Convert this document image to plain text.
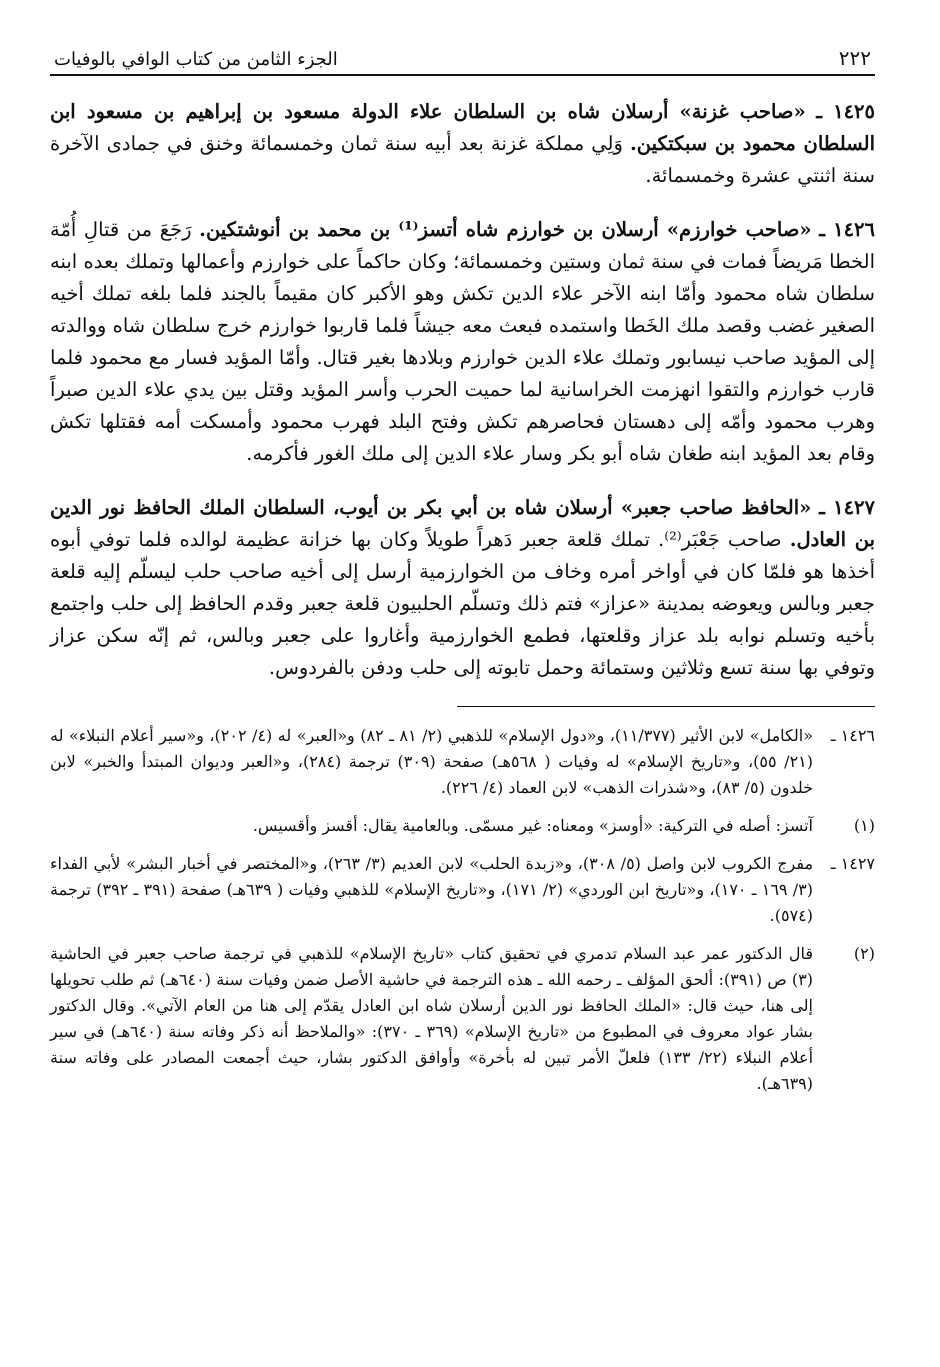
٢٢٢
الجزء الثامن من كتاب الوافي بالوفيات

١٤٢٥ ـ «صاحب غزنة» أرسلان شاه بن السلطان علاء الدولة مسعود بن إبراهيم بن مسعود ابن السلطان محمود بن سبكتكين. وَلِي مملكة غزنة بعد أبيه سنة ثمان وخمسمائة وخنق في جمادى الآخرة سنة اثنتي عشرة وخمسمائة.

١٤٢٦ ـ «صاحب خوارزم» أرسلان بن خوارزم شاه أتسز⁽¹⁾ بن محمد بن أنوشتكين. رَجَعَ من قتالِ أُمّة الخطا مَريضاً فمات في سنة ثمان وستين وخمسمائة؛ وكان حاكماً على خوارزم وأعمالها وتملك بعده ابنه سلطان شاه محمود وأمّا ابنه الآخر علاء الدين تكش وهو الأكبر كان مقيماً بالجند فلما بلغه تملك أخيه الصغير غضب وقصد ملك الخَطا واستمده فبعث معه جيشاً فلما قاربوا خوارزم خرج سلطان شاه ووالدته إلى المؤيد صاحب نيسابور وتملك علاء الدين خوارزم وبلادها بغير قتال. وأمّا المؤيد فسار مع محمود فلما قارب خوارزم والتقوا انهزمت الخراسانية لما حميت الحرب وأسر المؤيد وقتل بين يدي علاء الدين صبراً وهرب محمود وأمّه إلى دهستان فحاصرهم تكش وفتح البلد فهرب محمود وأمسكت أمه فقتلها تكش وقام بعد المؤيد ابنه طغان شاه أبو بكر وسار علاء الدين إلى ملك الغور فأكرمه.

١٤٢٧ ـ «الحافظ صاحب جعبر» أرسلان شاه بن أبي بكر بن أيوب، السلطان الملك الحافظ نور الدين بن العادل. صاحب جَعْبَر⁽²⁾. تملك قلعة جعبر دَهراً طويلاً وكان بها خزانة عظيمة لوالده فلما توفي أبوه أخذها هو فلمّا كان في أواخر أمره وخاف من الخوارزمية أرسل إلى أخيه صاحب حلب ليسلّم إليه قلعة جعبر وبالس ويعوضه بمدينة «عزاز» فتم ذلك وتسلّم الحلبيون قلعة جعبر وقدم الحافظ إلى حلب واجتمع بأخيه وتسلم نوابه بلد عزاز وقلعتها، فطمع الخوارزمية وأغاروا على جعبر وبالس، ثم إنّه سكن عزاز وتوفي بها سنة تسع وثلاثين وستمائة وحمل تابوته إلى حلب ودفن بالفردوس.

١٤٢٦ ـ
«الكامل» لابن الأثير (١١/٣٧٧)، و«دول الإسلام» للذهبي (٢/ ٨١ ـ ٨٢) و«العبر» له (٤/ ٢٠٢)، و«سير أعلام النبلاء» له (٢١/ ٥٥)، و«تاريخ الإسلام» له وفيات ( ٥٦٨هـ) صفحة (٣٠٩) ترجمة (٢٨٤)، و«العبر وديوان المبتدأ والخبر» لابن خلدون (٥/ ٨٣)، و«شذرات الذهب» لابن العماد (٤/ ٢٢٦).
(١)
آتسز: أصله في التركية: «أوسز» ومعناه: غير مسمّى. وبالعامية يقال: أقسز وأقسيس.
١٤٢٧ ـ
مفرج الكروب لابن واصل (٥/ ٣٠٨)، و«زبدة الحلب» لابن العديم (٣/ ٢٦٣)، و«المختصر في أخبار البشر» لأبي الفداء (٣/ ١٦٩ ـ ١٧٠)، و«تاريخ ابن الوردي» (٢/ ١٧١)، و«تاريخ الإسلام» للذهبي وفيات ( ٦٣٩هـ) صفحة (٣٩١ ـ ٣٩٢) ترجمة (٥٧٤).
(٢)
قال الدكتور عمر عبد السلام تدمري في تحقيق كتاب «تاريخ الإسلام» للذهبي في ترجمة صاحب جعبر في الحاشية (٣) ص (٣٩١): ألحق المؤلف ـ رحمه الله ـ هذه الترجمة في حاشية الأصل ضمن وفيات سنة (٦٤٠هـ) ثم طلب تحويلها إلى هنا، حيث قال: «الملك الحافظ نور الدين أرسلان شاه ابن العادل يقدّم إلى هنا من العام الآتي». وقال الدكتور بشار عواد معروف في المطبوع من «تاريخ الإسلام» (٣٦٩ ـ ٣٧٠): «والملاحظ أنه ذكر وفاته سنة (٦٤٠هـ) في سير أعلام النبلاء (٢٢/ ١٣٣) فلعلّ الأمر تبين له بأخرة» وأوافق الدكتور بشار، حيث أجمعت المصادر على وفاته سنة (٦٣٩هـ).
